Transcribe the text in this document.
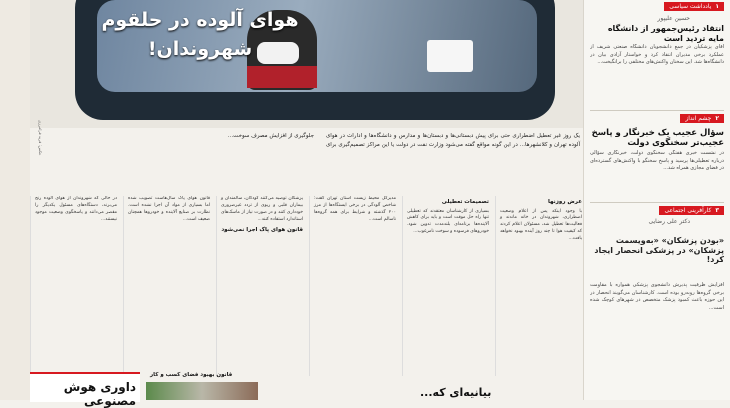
هوای آلوده در حلقوم شهروندان!
عکس: فرید فرامرزی	یک روز غیر تعطیل اضطراری حتی برای پیش دبستانی‌ها و دبستان‌ها و مدارس و دانشگاه‌ها و ادارات در هوای آلوده تهران و کلانشهرها... در این گونه مواقع گفته می‌شود وزارت نفت در دولت یا این مراکز تصمیم‌گیری برای جلوگیری از افزایش مصرف سوخت...
عرض روزنها
با وجود اینکه پس از اعلام وضعیت اضطراری، شهروندان در خانه ماندند و فعالیت‌ها تعطیل شد، مسئولان اعلام کردند که کیفیت هوا تا چند روز آینده بهبود نخواهد یافت...
تصمیمات تعطیلی
بسیاری از کارشناسان معتقدند که تعطیلی تنها راه حل موقت است و باید برای کاهش آلاینده‌ها برنامه‌ای بلندمدت تدوین شود. خودروهای فرسوده و سوخت نامرغوب...
مدیرکل محیط زیست استان تهران گفت: شاخص آلودگی در برخی ایستگاه‌ها از مرز ۲۰۰ گذشته و شرایط برای همه گروه‌ها ناسالم است...
پزشکان توصیه می‌کنند کودکان، سالمندان و بیماران قلبی و ریوی از تردد غیرضروری خودداری کنند و در صورت نیاز از ماسک‌های استاندارد استفاده کنند...
قانون هوای پاک اجرا نمی‌شود
قانون هوای پاک سال‌هاست تصویب شده اما بسیاری از مواد آن اجرا نشده است. نظارت بر صنایع آلاینده و خودروها همچنان ضعیف است...
در حالی که شهروندان از هوای آلوده رنج می‌برند، دستگاه‌های مسئول یکدیگر را مقصر می‌دانند و پاسخگوی وضعیت موجود نیستند...
داوری هوش مصنوعی
قانون بهبود فضای کسب و کار
بیانیه‌ای که...
۱یادداشت سیاسی
حسین علیپور
انتقاد رئیس‌جمهور از دانشگاه مایه تردید است
آقای پزشکیان در جمع دانشجویان دانشگاه صنعتی شریف از عملکرد برخی مدیران انتقاد کرد و خواستار آزادی بیان در دانشگاه‌ها شد. این سخنان واکنش‌های مختلفی را برانگیخت...
۲چشم انداز
سؤال عجیب یک خبرنگار و پاسخ عجیب‌تر سخنگوی دولت
در نشست خبری هفتگی سخنگوی دولت، خبرنگاری سؤالی درباره تعطیلی‌ها پرسید و پاسخ سخنگو با واکنش‌های گسترده‌ای در فضای مجازی همراه شد...
۳کارآفرینی اجتماعی
دکتر علی رضایی
«بودن پزشکان» «به‌ویسمت پزشکان» در پزشکی انحصار ایجاد کرد!
افزایش ظرفیت پذیرش دانشجوی پزشکی همواره با مقاومت برخی گروه‌ها روبه‌رو بوده است. کارشناسان می‌گویند انحصار در این حوزه باعث کمبود پزشک متخصص در شهرهای کوچک شده است...
